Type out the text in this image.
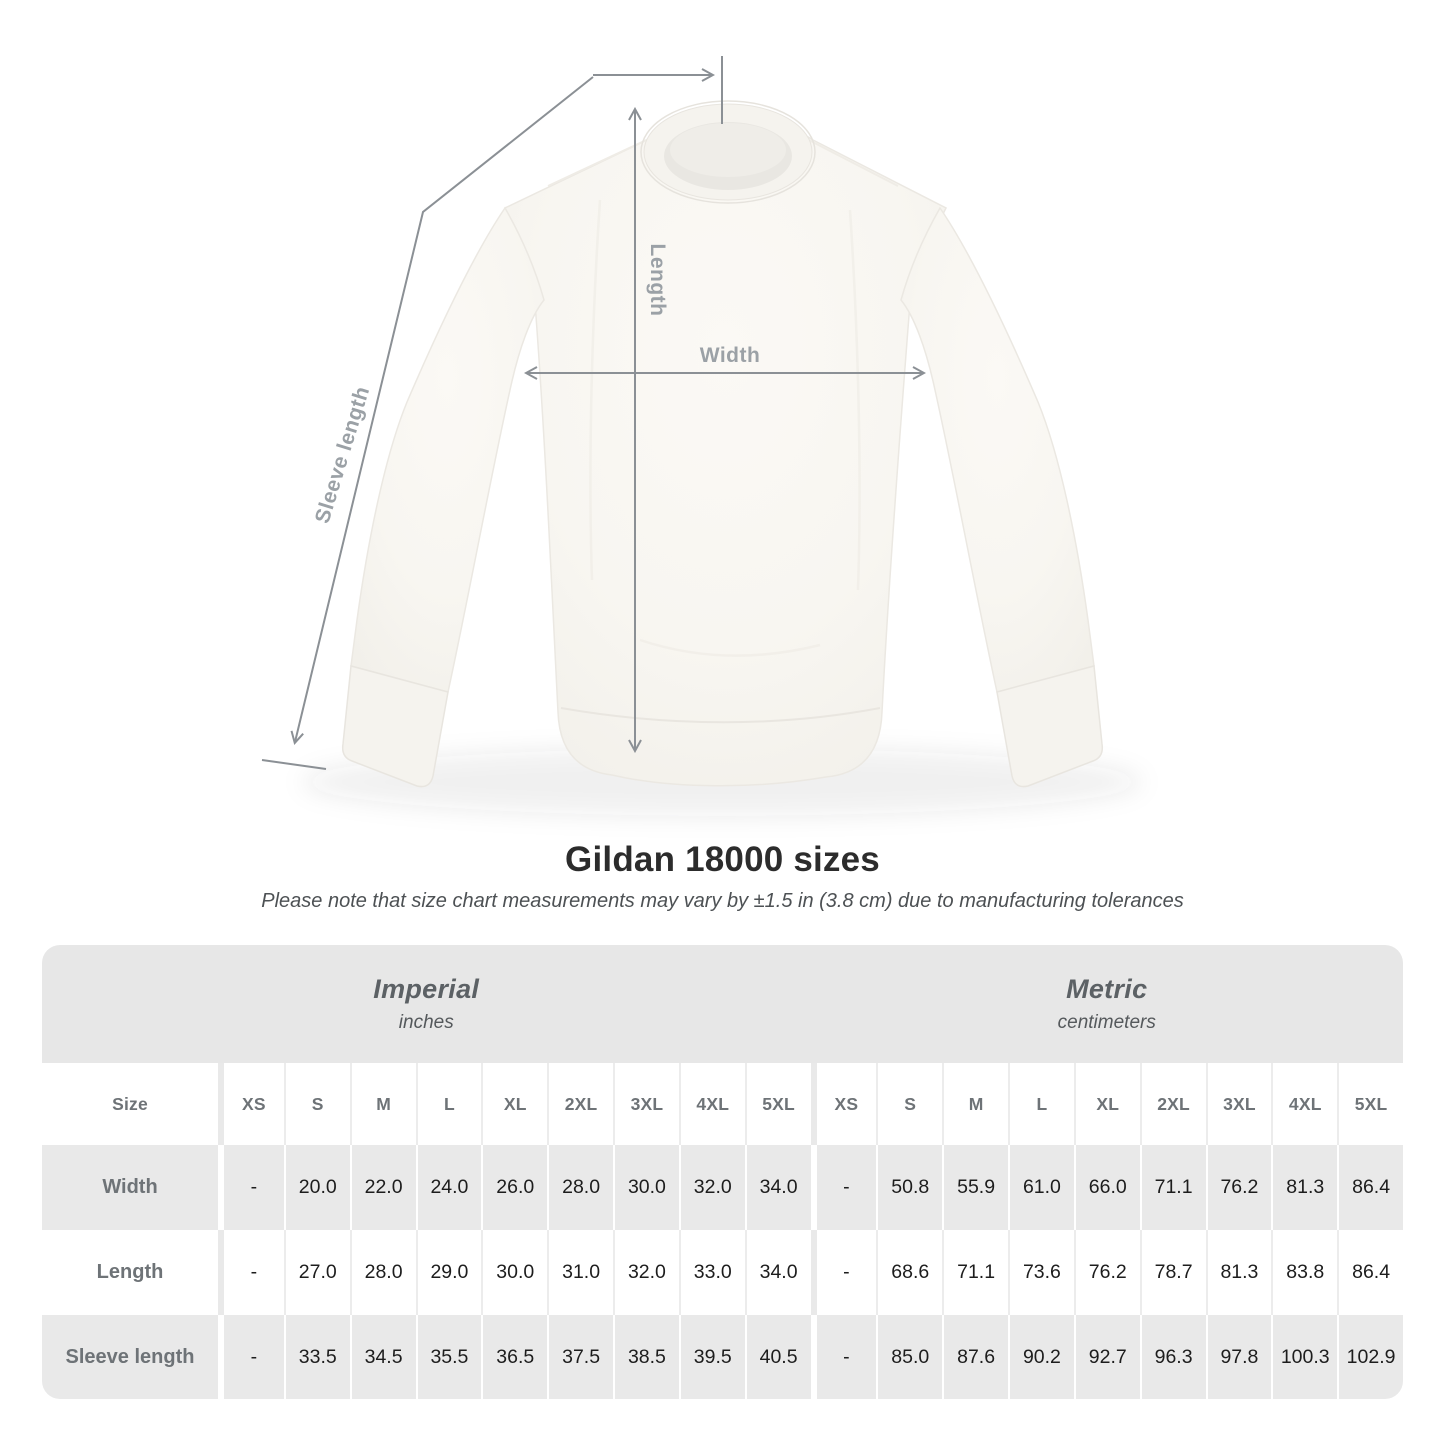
Length
Width
Sleeve length
Gildan 18000 sizes

Please note that size chart measurements may vary by ±1.5 in (3.8 cm) due to manufacturing tolerances

Imperial
inches
Metric
centimeters
Size	XS	S	M	L	XL	2XL	3XL	4XL	5XL	XS	S	M	L	XL	2XL	3XL	4XL	5XL
Width	-	20.0	22.0	24.0	26.0	28.0	30.0	32.0	34.0	-	50.8	55.9	61.0	66.0	71.1	76.2	81.3	86.4
Length	-	27.0	28.0	29.0	30.0	31.0	32.0	33.0	34.0	-	68.6	71.1	73.6	76.2	78.7	81.3	83.8	86.4
Sleeve length	-	33.5	34.5	35.5	36.5	37.5	38.5	39.5	40.5	-	85.0	87.6	90.2	92.7	96.3	97.8	100.3 102.9
